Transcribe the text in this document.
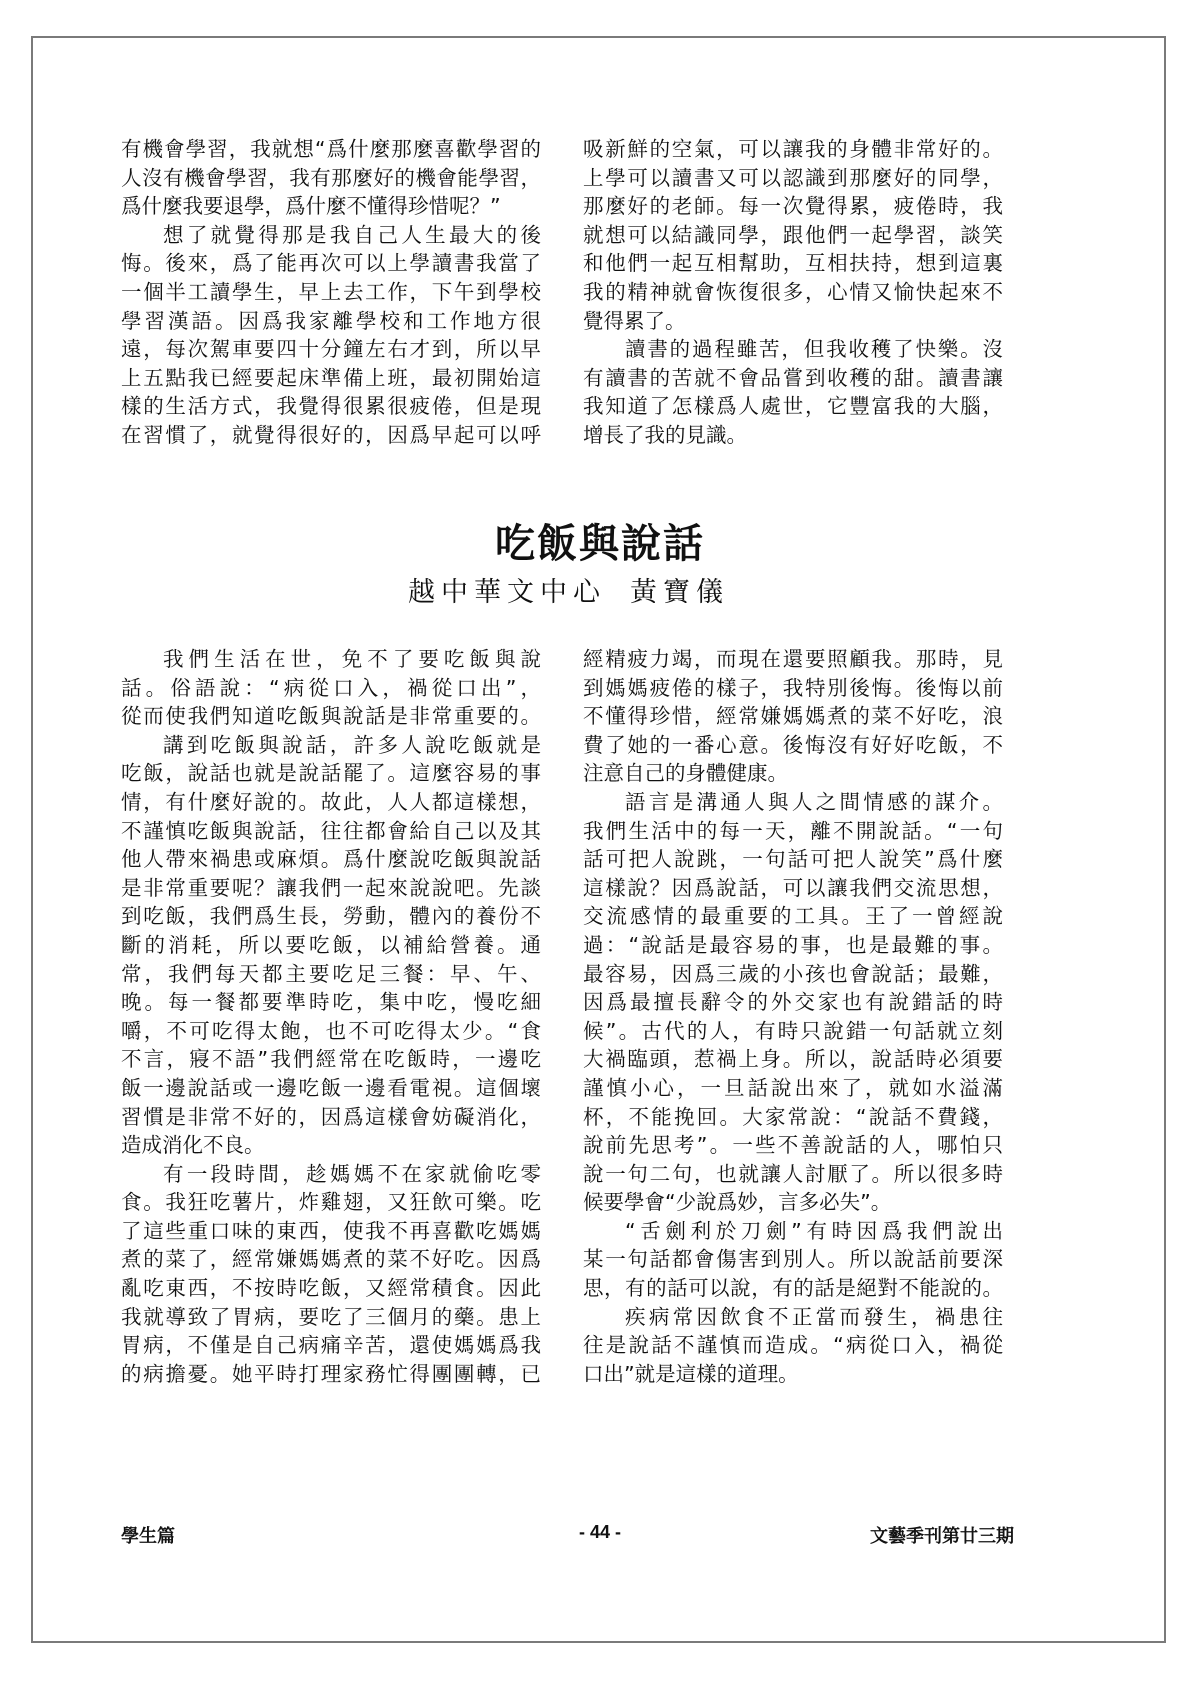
有機會學習，我就想“爲什麼那麼喜歡學習的
人沒有機會學習，我有那麼好的機會能學習，
爲什麼我要退學，爲什麼不懂得珍惜呢？”
想了就覺得那是我自己人生最大的後
悔。後來，爲了能再次可以上學讀書我當了
一個半工讀學生，早上去工作，下午到學校
學習漢語。因爲我家離學校和工作地方很
遠，每次駕車要四十分鐘左右才到，所以早
上五點我已經要起床準備上班，最初開始這
樣的生活方式，我覺得很累很疲倦，但是現
在習慣了，就覺得很好的，因爲早起可以呼
吸新鮮的空氣，可以讓我的身體非常好的。
上學可以讀書又可以認識到那麼好的同學，
那麼好的老師。每一次覺得累，疲倦時，我
就想可以結識同學，跟他們一起學習，談笑
和他們一起互相幫助，互相扶持，想到這裏
我的精神就會恢復很多，心情又愉快起來不
覺得累了。
讀書的過程雖苦，但我收穫了快樂。沒
有讀書的苦就不會品嘗到收穫的甜。讀書讓
我知道了怎樣爲人處世，它豐富我的大腦，
增長了我的見識。
吃飯與說話
越中華文中心 黃寶儀
我們生活在世，免不了要吃飯與說
話。俗語說：“病從口入，禍從口出”，
從而使我們知道吃飯與說話是非常重要的。
講到吃飯與說話，許多人說吃飯就是
吃飯，說話也就是說話罷了。這麼容易的事
情，有什麼好說的。故此，人人都這樣想，
不謹慎吃飯與說話，往往都會給自己以及其
他人帶來禍患或麻煩。爲什麼說吃飯與說話
是非常重要呢？讓我們一起來說說吧。先談
到吃飯，我們爲生長，勞動，體內的養份不
斷的消耗，所以要吃飯，以補給營養。通
常，我們每天都主要吃足三餐：早、午、
晚。每一餐都要準時吃，集中吃，慢吃細
嚼，不可吃得太飽，也不可吃得太少。“食
不言，寢不語”我們經常在吃飯時，一邊吃
飯一邊說話或一邊吃飯一邊看電視。這個壞
習慣是非常不好的，因爲這樣會妨礙消化，
造成消化不良。
有一段時間，趁媽媽不在家就偷吃零
食。我狂吃薯片，炸雞翅，又狂飲可樂。吃
了這些重口味的東西，使我不再喜歡吃媽媽
煮的菜了，經常嫌媽媽煮的菜不好吃。因爲
亂吃東西，不按時吃飯，又經常積食。因此
我就導致了胃病，要吃了三個月的藥。患上
胃病，不僅是自己病痛辛苦，還使媽媽爲我
的病擔憂。她平時打理家務忙得團團轉，已
經精疲力竭，而現在還要照顧我。那時，見
到媽媽疲倦的樣子，我特別後悔。後悔以前
不懂得珍惜，經常嫌媽媽煮的菜不好吃，浪
費了她的一番心意。後悔沒有好好吃飯，不
注意自己的身體健康。
語言是溝通人與人之間情感的謀介。
我們生活中的每一天，離不開說話。“一句
話可把人說跳，一句話可把人說笑”爲什麼
這樣說？因爲說話，可以讓我們交流思想，
交流感情的最重要的工具。王了一曾經說
過：“說話是最容易的事，也是最難的事。
最容易，因爲三歲的小孩也會說話；最難，
因爲最擅長辭令的外交家也有說錯話的時
候”。古代的人，有時只說錯一句話就立刻
大禍臨頭，惹禍上身。所以，說話時必須要
謹慎小心，一旦話說出來了，就如水溢滿
杯，不能挽回。大家常說：“說話不費錢，
說前先思考”。一些不善說話的人，哪怕只
說一句二句，也就讓人討厭了。所以很多時
候要學會“少說爲妙，言多必失”。
“舌劍利於刀劍”有時因爲我們說出
某一句話都會傷害到別人。所以說話前要深
思，有的話可以說，有的話是絕對不能說的。
疾病常因飲食不正當而發生，禍患往
往是說話不謹慎而造成。“病從口入，禍從
口出”就是這樣的道理。
學生篇	- 44 -	文藝季刊第廿三期
